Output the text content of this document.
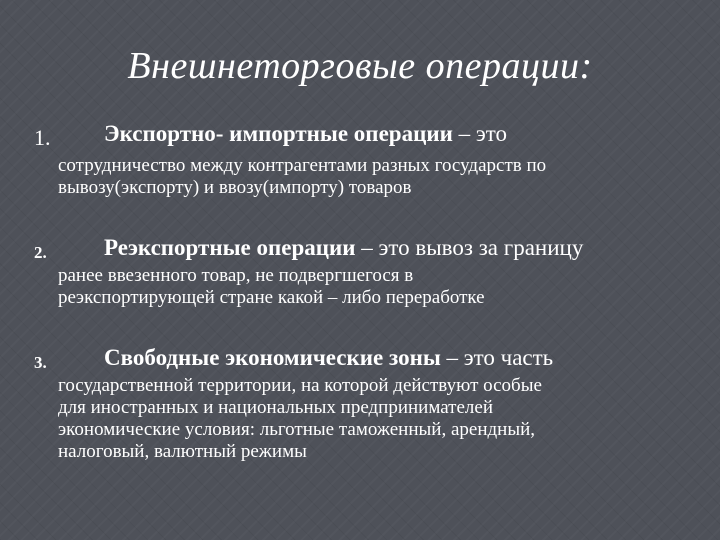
Внешнеторговые операции:
1. Экспортно- импортные операции – это
сотрудничество между контрагентами разных государств по
вывозу(экспорту) и ввозу(импорту) товаров
2. Реэкспортные операции – это вывоз за границу
ранее ввезенного товар, не подвергшегося в
реэкспортирующей стране какой – либо переработке
3. Свободные экономические зоны – это часть
государственной территории, на которой действуют особые
для иностранных и национальных предпринимателей
экономические условия: льготные таможенный, арендный,
налоговый, валютный режимы
